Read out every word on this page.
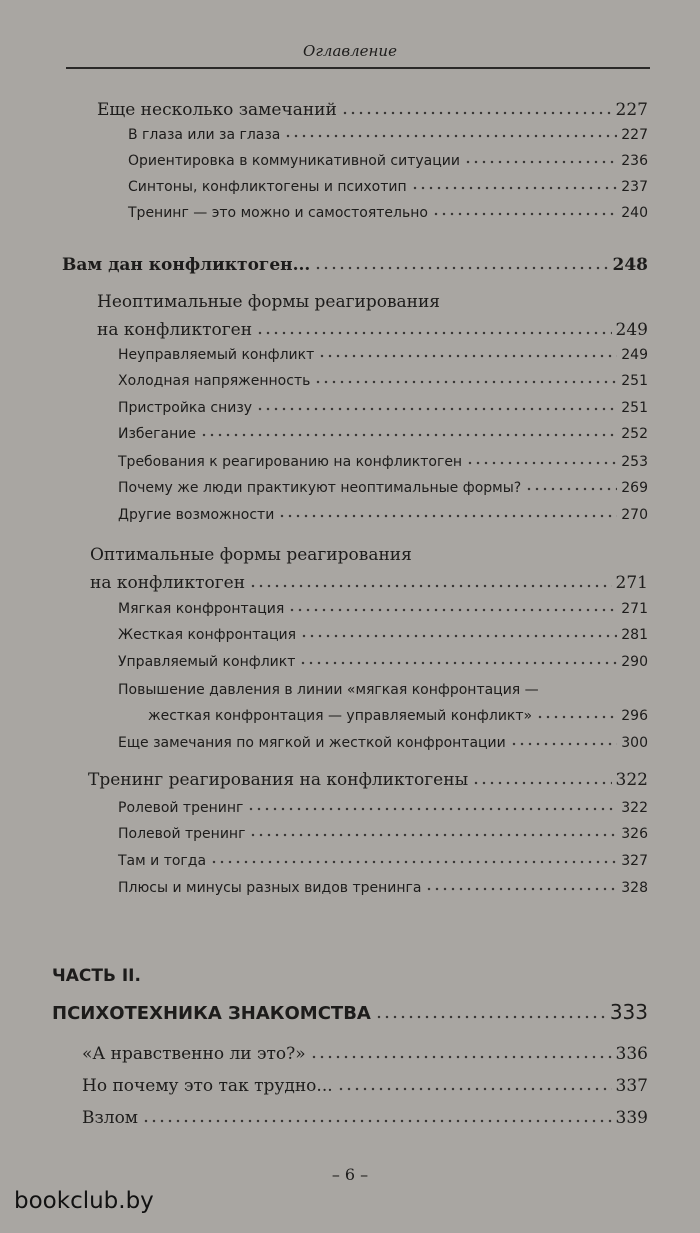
Оглавление
Еще несколько замечаний	227
В глаза или за глаза	227
Ориентировка в коммуникативной ситуации	236
Синтоны, конфликтогены и психотип	237
Тренинг — это можно и самостоятельно	240
Вам дан конфликтоген...	248
Неоптимальные формы реагирования
на конфликтоген	249
Неуправляемый конфликт	249
Холодная напряженность	251
Пристройка снизу	251
Избегание	252
Требования к реагированию на конфликтоген	253
Почему же люди практикуют неоптимальные формы?	269
Другие возможности	270
Оптимальные формы реагирования
на конфликтоген	271
Мягкая конфронтация	271
Жесткая конфронтация	281
Управляемый конфликт	290
Повышение давления в линии «мягкая конфронтация —
жесткая конфронтация — управляемый конфликт»	296
Еще замечания по мягкой и жесткой конфронтации	300
Тренинг реагирования на конфликтогены	322
Ролевой тренинг	322
Полевой тренинг	326
Там и тогда	327
Плюсы и минусы разных видов тренинга	328
ЧАСТЬ II.
ПСИХОТЕХНИКА ЗНАКОМСТВА	333
«А нравственно ли это?»	336
Но почему это так трудно...	337
Взлом	339
– 6 –
bookclub.by
